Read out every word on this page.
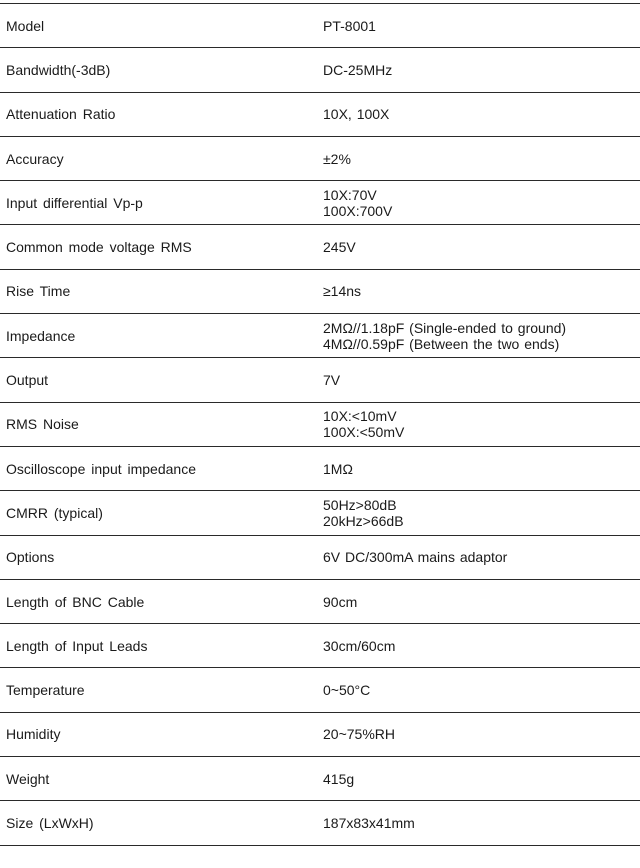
Model	PT-8001
Bandwidth(-3dB)	DC-25MHz
Attenuation Ratio	10X, 100X
Accuracy	±2%
Input differential Vp-p	10X:70V
100X:700V
Common mode voltage RMS	245V
Rise Time	≥14ns
Impedance	2MΩ//1.18pF (Single-ended to ground)
4MΩ//0.59pF (Between the two ends)
Output	7V
RMS Noise	10X:<10mV
100X:<50mV
Oscilloscope input impedance	1MΩ
CMRR (typical)	50Hz>80dB
20kHz>66dB
Options	6V DC/300mA mains adaptor
Length of BNC Cable	90cm
Length of Input Leads	30cm/60cm
Temperature	0~50°C
Humidity	20~75%RH
Weight	415g
Size (LxWxH)	187x83x41mm
